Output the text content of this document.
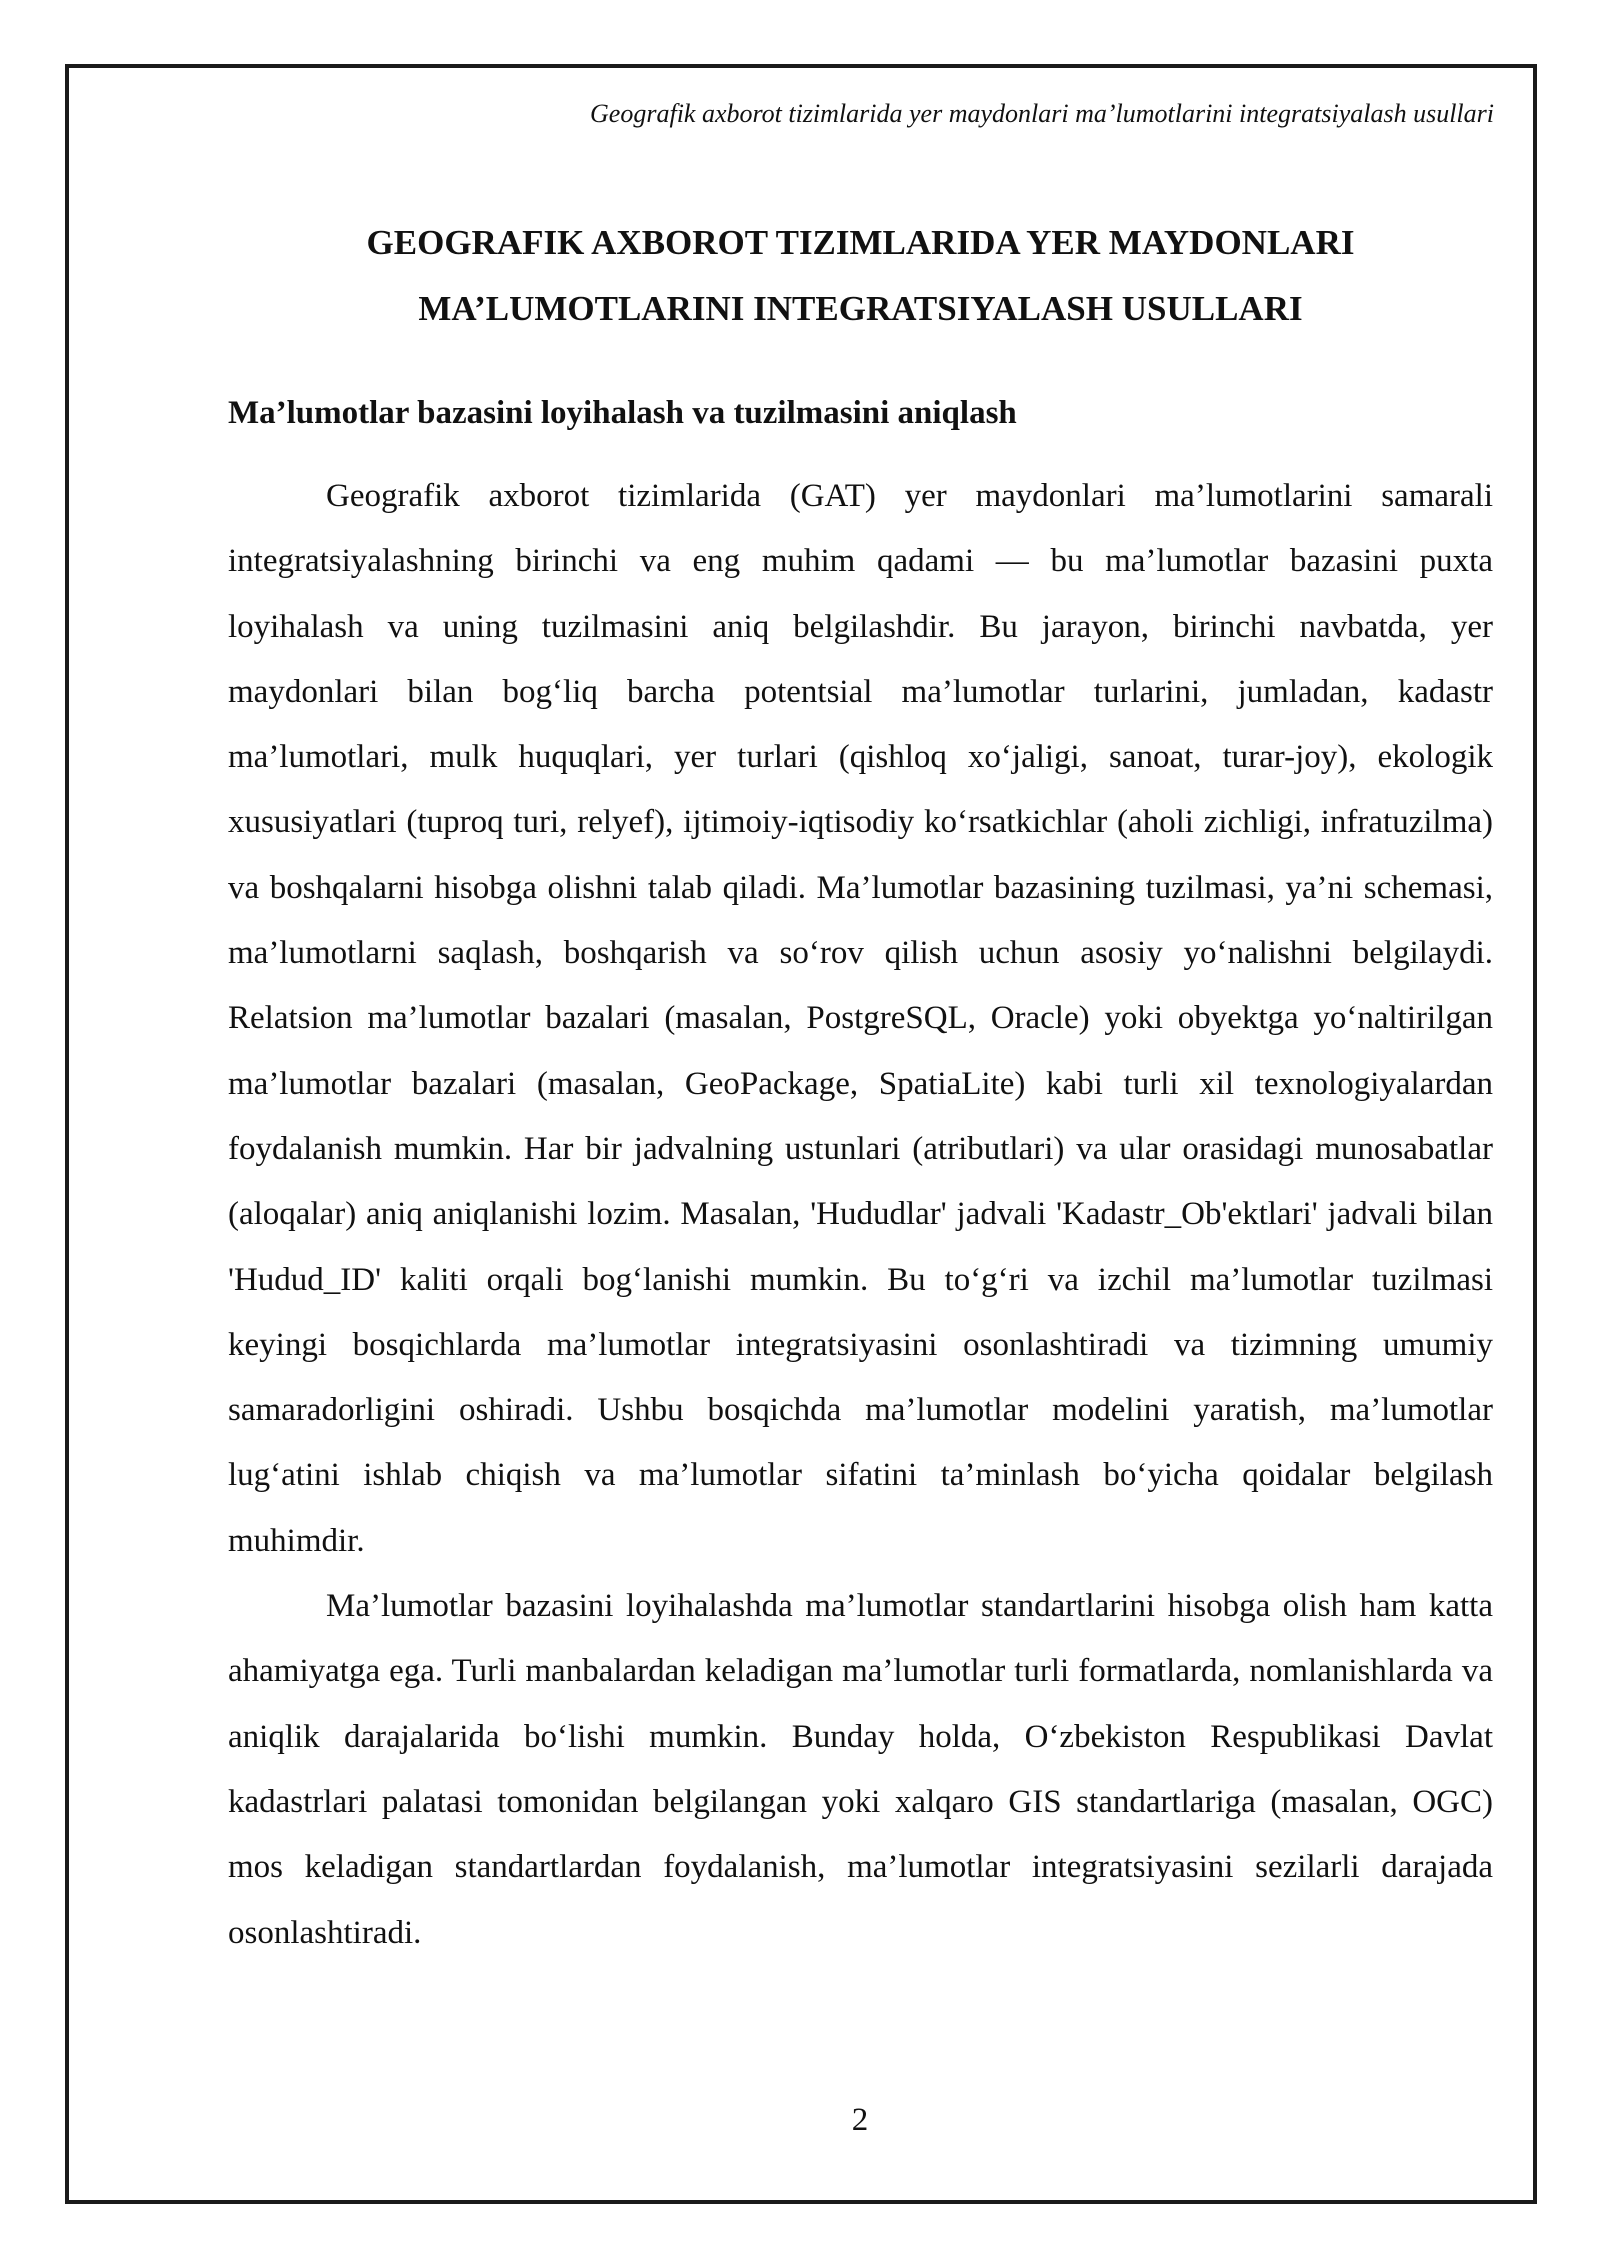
Geografik axborot tizimlarida yer maydonlari ma’lumotlarini integratsiyalash usullari
GEOGRAFIK AXBOROT TIZIMLARIDA YER MAYDONLARI
MA’LUMOTLARINI INTEGRATSIYALASH USULLARI
Ma’lumotlar bazasini loyihalash va tuzilmasini aniqlash

Geografik axborot tizimlarida (GAT) yer maydonlari ma’lumotlarini samarali integratsiyalashning birinchi va eng muhim qadami — bu ma’lumotlar bazasini puxta loyihalash va uning tuzilmasini aniq belgilashdir. Bu jarayon, birinchi navbatda, yer maydonlari bilan bog‘liq barcha potentsial ma’lumotlar turlarini, jumladan, kadastr ma’lumotlari, mulk huquqlari, yer turlari (qishloq xo‘jaligi, sanoat, turar-joy), ekologik xususiyatlari (tuproq turi, relyef), ijtimoiy-iqtisodiy ko‘rsatkichlar (aholi zichligi, infratuzilma) va boshqalarni hisobga olishni talab qiladi. Ma’lumotlar bazasining tuzilmasi, ya’ni schemasi, ma’lumotlarni saqlash, boshqarish va so‘rov qilish uchun asosiy yo‘nalishni belgilaydi. Relatsion ma’lumotlar bazalari (masalan, PostgreSQL, Oracle) yoki obyektga yo‘naltirilgan ma’lumotlar bazalari (masalan, GeoPackage, SpatiaLite) kabi turli xil texnologiyalardan foydalanish mumkin. Har bir jadvalning ustunlari (atributlari) va ular orasidagi munosabatlar (aloqalar) aniq aniqlanishi lozim. Masalan, 'Hududlar' jadvali 'Kadastr_Ob'ektlari' jadvali bilan 'Hudud_ID' kaliti orqali bog‘lanishi mumkin. Bu to‘g‘ri va izchil ma’lumotlar tuzilmasi keyingi bosqichlarda ma’lumotlar integratsiyasini osonlashtiradi va tizimning umumiy samaradorligini oshiradi. Ushbu bosqichda ma’lumotlar modelini yaratish, ma’lumotlar lug‘atini ishlab chiqish va ma’lumotlar sifatini ta’minlash bo‘yicha qoidalar belgilash muhimdir.

Ma’lumotlar bazasini loyihalashda ma’lumotlar standartlarini hisobga olish ham katta ahamiyatga ega. Turli manbalardan keladigan ma’lumotlar turli formatlarda, nomlanishlarda va aniqlik darajalarida bo‘lishi mumkin. Bunday holda, O‘zbekiston Respublikasi Davlat kadastrlari palatasi tomonidan belgilangan yoki xalqaro GIS standartlariga (masalan, OGC) mos keladigan standartlardan foydalanish, ma’lumotlar integratsiyasini sezilarli darajada osonlashtiradi.

2
